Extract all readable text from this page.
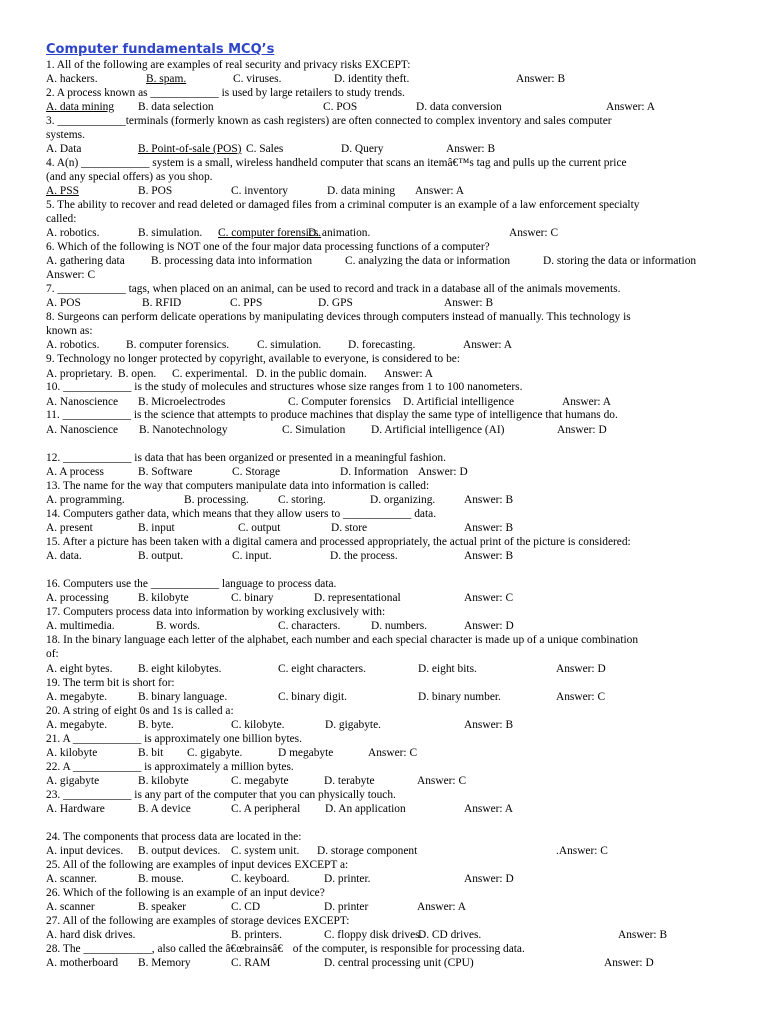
Computer fundamentals MCQ’s
1. All of the following are examples of real security and privacy risks EXCEPT:
A. hackers.	B. spam.	C. viruses.	D. identity theft.	Answer: B
2. A process known as ____________ is used by large retailers to study trends.
A. data mining B. data selection	C. POS	D. data conversion	Answer: A
3. ____________terminals (formerly known as cash registers) are often connected to complex inventory and sales computer
systems.
A. Data	B. Point-of-sale (POS) C. Sales	D. Query	Answer: B
4. A(n) ____________ system is a small, wireless handheld computer that scans an itemâ€™s tag and pulls up the current price
(and any special offers) as you shop.
A. PSS	B. POS	C. inventory	D. data mining Answer: A
5. The ability to recover and read deleted or damaged files from a criminal computer is an example of a law enforcement specialty
called:
A. robotics.	B. simulation. C. computer forensics.
D. animation.	Answer: C
6. Which of the following is NOT one of the four major data processing functions of a computer?
A. gathering data B. processing data into information	C. analyzing the data or information	D. storing the data or information
Answer: C
7. ____________ tags, when placed on an animal, can be used to record and track in a database all of the animals movements.
A. POS	B. RFID	C. PPS	D. GPS	Answer: B
8. Surgeons can perform delicate operations by manipulating devices through computers instead of manually. This technology is
known as:
A. robotics. B. computer forensics. C. simulation. D. forecasting.	Answer: A
9. Technology no longer protected by copyright, available to everyone, is considered to be:
A. proprietary. B. open. C. experimental. D. in the public domain. Answer: A
10. ____________ is the study of molecules and structures whose size ranges from 1 to 100 nanometers.
A. Nanoscience B. Microelectrodes	C. Computer forensics D. Artificial intelligence	Answer: A
11. ____________ is the science that attempts to produce machines that display the same type of intelligence that humans do.
A. Nanoscience B. Nanotechnology	C. Simulation D. Artificial intelligence (AI)	Answer: D
12. ____________ is data that has been organized or presented in a meaningful fashion.
A. A process	B. Software	C. Storage	D. Information Answer: D
13. The name for the way that computers manipulate data into information is called:
A. programming.	B. processing.	C. storing.	D. organizing.	Answer: B
14. Computers gather data, which means that they allow users to ____________ data.
A. present	B. input	C. output	D. store	Answer: B
15. After a picture has been taken with a digital camera and processed appropriately, the actual print of the picture is considered:
A. data.	B. output.	C. input.	D. the process.	Answer: B
16. Computers use the ____________ language to process data.
A. processing	B. kilobyte	C. binary	D. representational	Answer: C
17. Computers process data into information by working exclusively with:
A. multimedia.	B. words.	C. characters.	D. numbers.	Answer: D
18. In the binary language each letter of the alphabet, each number and each special character is made up of a unique combination
of:
A. eight bytes. B. eight kilobytes.	C. eight characters.	D. eight bits.	Answer: D
19. The term bit is short for:
A. megabyte.	B. binary language.	C. binary digit.	D. binary number.	Answer: C
20. A string of eight 0s and 1s is called a:
A. megabyte.	B. byte.	C. kilobyte.	D. gigabyte.	Answer: B
21. A ____________ is approximately one billion bytes.
A. kilobyte	B. bit C. gigabyte.	D megabyte	Answer: C
22. A ____________ is approximately a million bytes.
A. gigabyte	B. kilobyte	C. megabyte	D. terabyte	Answer: C
23. ____________ is any part of the computer that you can physically touch.
A. Hardware	B. A device	C. A peripheral D. An application	Answer: A
24. The components that process data are located in the:
A. input devices. B. output devices. C. system unit. D. storage component	.Answer: C
25. All of the following are examples of input devices EXCEPT a:
A. scanner.	B. mouse.	C. keyboard.	D. printer.	Answer: D
26. Which of the following is an example of an input device?
A. scanner	B. speaker	C. CD	D. printer	Answer: A
27. All of the following are examples of storage devices EXCEPT:
A. hard disk drives.	B. printers.	C. floppy disk drives.
D. CD drives.	Answer: B
28. The ____________, also called the â€œbrainsâ€ of the computer, is responsible for processing data.
A. motherboard B. Memory	C. RAM	D. central processing unit (CPU)	Answer: D
